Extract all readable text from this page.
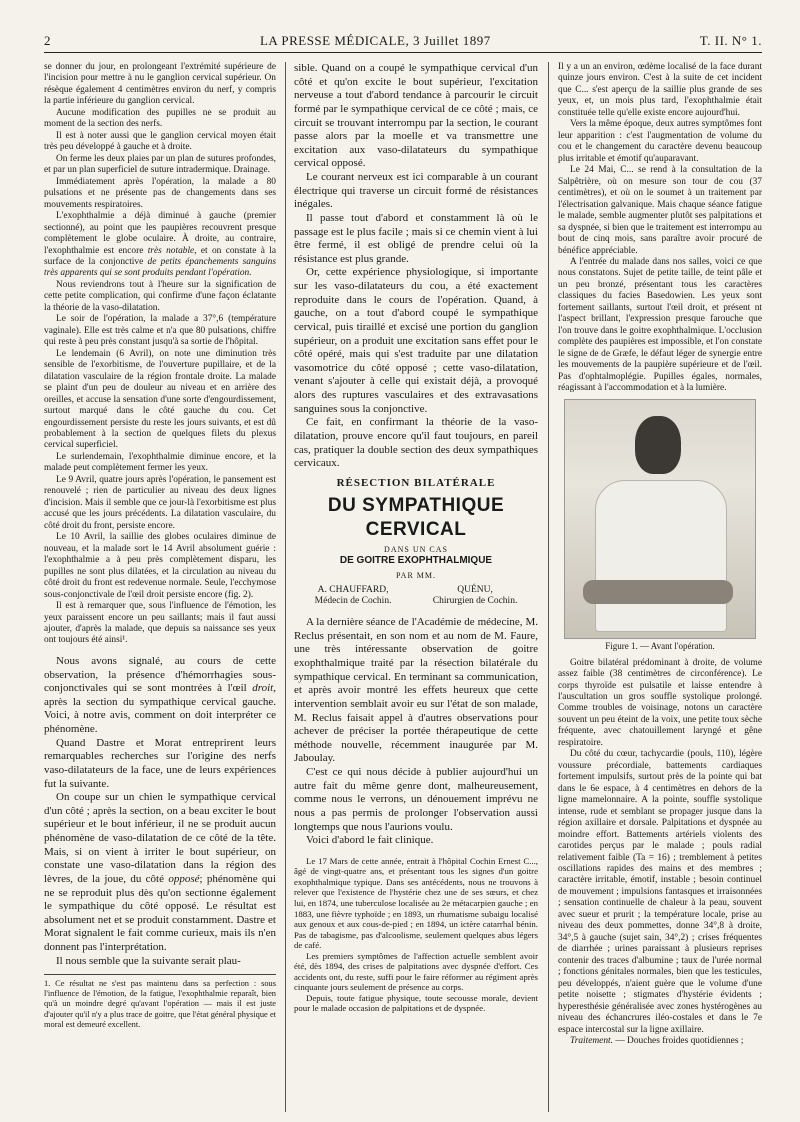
2	LA PRESSE MÉDICALE, 3 Juillet 1897	T. II. N° 1.

se donner du jour, en prolongeant l'extrémité supérieure de l'incision pour mettre à nu le ganglion cervical supérieur. On résèque également 4 centimètres environ du nerf, y compris la partie inférieure du ganglion cervical.

Aucune modification des pupilles ne se produit au moment de la section des nerfs.

Il est à noter aussi que le ganglion cervical moyen était très peu développé à gauche et à droite.

On ferme les deux plaies par un plan de sutures profondes, et par un plan superficiel de suture intradermique. Drainage.

Immédiatement après l'opération, la malade a 80 pulsations et ne présente pas de changements dans ses mouvements respiratoires.

L'exophthalmie a déjà diminué à gauche (premier sectionné), au point que les paupières recouvrent presque complètement le globe oculaire. À droite, au contraire, l'exophthalmie est encore très notable, et on constate à la surface de la conjonctive de petits épanchements sanguins très apparents qui se sont produits pendant l'opération.

Nous reviendrons tout à l'heure sur la signification de cette petite complication, qui confirme d'une façon éclatante la théorie de la vaso-dilatation.

Le soir de l'opération, la malade a 37°,6 (température vaginale). Elle est très calme et n'a que 80 pulsations, chiffre qui reste à peu près constant jusqu'à sa sortie de l'hôpital.

Le lendemain (6 Avril), on note une diminution très sensible de l'exorbitisme, de l'ouverture pupillaire, et de la dilatation vasculaire de la région frontale droite. La malade se plaint d'un peu de douleur au niveau et en arrière des oreilles, et accuse la sensation d'une sorte d'engourdissement, surtout marqué dans le côté gauche du cou. Cet engourdissement persiste du reste les jours suivants, et est dû probablement à la section de quelques filets du plexus cervical superficiel.

Le surlendemain, l'exophthalmie diminue encore, et la malade peut complètement fermer les yeux.

Le 9 Avril, quatre jours après l'opération, le pansement est renouvelé ; rien de particulier au niveau des deux lignes d'incision. Mais il semble que ce jour-là l'exorbitisme est plus accusé que les jours précédents. La dilatation vasculaire, du côté droit du front, persiste encore.

Le 10 Avril, la saillie des globes oculaires diminue de nouveau, et la malade sort le 14 Avril absolument guérie : l'exophthalmie a à peu près complètement disparu, les pupilles ne sont plus dilatées, et la circulation au niveau du côté droit du front est redevenue normale. Seule, l'ecchymose sous-conjonctivale de l'œil droit persiste encore (fig. 2).

Il est à remarquer que, sous l'influence de l'émotion, les yeux paraissent encore un peu saillants; mais il faut aussi ajouter, d'après la malade, que depuis sa naissance ses yeux ont toujours été ainsi¹.

Nous avons signalé, au cours de cette observation, la présence d'hémorrhagies sous-conjonctivales qui se sont montrées à l'œil droit, après la section du sympathique cervical gauche. Voici, à notre avis, comment on doit interpréter ce phénomène.

Quand Dastre et Morat entreprirent leurs remarquables recherches sur l'origine des nerfs vaso-dilatateurs de la face, une de leurs expériences fut la suivante.

On coupe sur un chien le sympathique cervical d'un côté ; après la section, on a beau exciter le bout supérieur et le bout inférieur, il ne se produit aucun phénomène de vaso-dilatation de ce côté de la tête. Mais, si on vient à irriter le bout supérieur, on constate une vaso-dilatation dans la région des lèvres, de la joue, du côté opposé; phénomène qui ne se reproduit plus dès qu'on sectionne également le sympathique du côté opposé. Le résultat est absolument net et se produit constamment. Dastre et Morat signalent le fait comme curieux, mais ils n'en donnent pas l'interprétation.

Il nous semble que la suivante serait plau-

1. Ce résultat ne s'est pas maintenu dans sa perfection : sous l'influence de l'émotion, de la fatigue, l'exophthalmie reparaît, bien qu'à un moindre degré qu'avant l'opération — mais il est juste d'ajouter qu'il n'y a plus trace de goitre, que l'état général physique et moral est demeuré excellent.

sible. Quand on a coupé le sympathique cervical d'un côté et qu'on excite le bout supérieur, l'excitation nerveuse a tout d'abord tendance à parcourir le circuit formé par le sympathique cervical de ce côté ; mais, ce circuit se trouvant interrompu par la section, le courant passe alors par la moelle et va transmettre une excitation aux vaso-dilatateurs du sympathique cervical opposé.

Le courant nerveux est ici comparable à un courant électrique qui traverse un circuit formé de résistances inégales.

Il passe tout d'abord et constamment là où le passage est le plus facile ; mais si ce chemin vient à lui être fermé, il est obligé de prendre celui où la résistance est plus grande.

Or, cette expérience physiologique, si importante sur les vaso-dilatateurs du cou, a été exactement reproduite dans le cours de l'opération. Quand, à gauche, on a tout d'abord coupé le sympathique cervical, puis tiraillé et excisé une portion du ganglion supérieur, on a produit une excitation sans effet pour le côté opéré, mais qui s'est traduite par une dilatation vasomotrice du côté opposé ; cette vaso-dilatation, venant s'ajouter à celle qui existait déjà, a provoqué alors des ruptures vasculaires et des extravasations sanguines sous la conjonctive.

Ce fait, en confirmant la théorie de la vaso-dilatation, prouve encore qu'il faut toujours, en pareil cas, pratiquer la double section des deux sympathiques cervicaux.

RÉSECTION BILATÉRALE
DU SYMPATHIQUE CERVICAL
DANS UN CAS
DE GOITRE EXOPHTHALMIQUE
PAR MM.
A. CHAUFFARD,
Médecin de Cochin.
QUÉNU,
Chirurgien de Cochin.

A la dernière séance de l'Académie de médecine, M. Reclus présentait, en son nom et au nom de M. Faure, une très intéressante observation de goitre exophthalmique traité par la résection bilatérale du sympathique cervical. En terminant sa communication, et après avoir montré les effets heureux que cette intervention semblait avoir eu sur l'état de son malade, M. Reclus faisait appel à d'autres observations pour achever de préciser la portée thérapeutique de cette méthode nouvelle, récemment inaugurée par M. Jaboulay.

C'est ce qui nous décide à publier aujourd'hui un autre fait du même genre dont, malheureusement, comme nous le verrons, un dénouement imprévu ne nous a pas permis de prolonger l'observation aussi longtemps que nous l'aurions voulu.

Voici d'abord le fait clinique.

Le 17 Mars de cette année, entrait à l'hôpital Cochin Ernest C..., âgé de vingt-quatre ans, et présentant tous les signes d'un goitre exophthalmique typique. Dans ses antécédents, nous ne trouvons à relever que l'existence de l'hystérie chez une de ses sœurs, et chez lui, en 1874, une tuberculose localisée au 2e métacarpien gauche ; en 1883, une fièvre typhoïde ; en 1893, un rhumatisme subaigu localisé aux genoux et aux cous-de-pied ; en 1894, un ictère catarrhal bénin. Pas de tabagisme, pas d'alcoolisme, seulement quelques abus légers de café.

Les premiers symptômes de l'affection actuelle semblent avoir été, dès 1894, des crises de palpitations avec dyspnée d'effort. Ces accidents ont, du reste, suffi pour le faire réformer au régiment après cinquante jours seulement de présence au corps.

Depuis, toute fatigue physique, toute secousse morale, devient pour le malade occasion de palpitations et de dyspnée.

Il y a un an environ, œdème localisé de la face durant quinze jours environ. C'est à la suite de cet incident que C... s'est aperçu de la saillie plus grande de ses yeux, et, un mois plus tard, l'exophthalmie était constituée telle qu'elle existe encore aujourd'hui.

Vers la même époque, deux autres symptômes font leur apparition : c'est l'augmentation de volume du cou et le changement du caractère devenu beaucoup plus irritable et émotif qu'auparavant.

Le 24 Mai, C... se rend à la consultation de la Salpêtrière, où on mesure son tour de cou (37 centimètres), et où on le soumet à un traitement par l'électrisation galvanique. Mais chaque séance fatigue le malade, semble augmenter plutôt ses palpitations et sa dyspnée, si bien que le traitement est interrompu au bout de cinq mois, sans paraître avoir procuré de bénéfice appréciable.

A l'entrée du malade dans nos salles, voici ce que nous constatons. Sujet de petite taille, de teint pâle et un peu bronzé, présentant tous les caractères classiques du facies Basedowien. Les yeux sont fortement saillants, surtout l'œil droit, et présent nt l'aspect brillant, l'expression presque farouche que l'on trouve dans le goitre exophthalmique. L'occlusion complète des paupières est impossible, et l'on constate le signe de de Græfe, le défaut léger de synergie entre les mouvements de la paupière supérieure et de l'œil. Pas d'ophtalmoplégie. Pupilles égales, normales, réagissant à l'accommodation et à la lumière.

Figure 1. — Avant l'opération.

Goitre bilatéral prédominant à droite, de volume assez faible (38 centimètres de circonférence). Le corps thyroïde est pulsatile et laisse entendre à l'auscultation un gros souffle systolique prolongé. Comme troubles de voisinage, notons un caractère souvent un peu éteint de la voix, une petite toux sèche fréquente, avec chatouillement laryngé et gêne respiratoire.

Du côté du cœur, tachycardie (pouls, 110), légère voussure précordiale, battements cardiaques fortement impulsifs, surtout près de la pointe qui bat dans le 6e espace, à 4 centimètres en dehors de la ligne mamelonnaire. A la pointe, souffle systolique intense, rude et semblant se propager jusque dans la région axillaire et dorsale. Palpitations et dyspnée au moindre effort. Battements artériels violents des carotides perçus par le malade ; pouls radial relativement faible (Ta = 16) ; tremblement à petites oscillations rapides des mains et des membres ; caractère irritable, émotif, instable ; besoin continuel de mouvement ; impulsions fantasques et irraisonnées ; sensation continuelle de chaleur à la peau, souvent avec sueur et prurit ; la température locale, prise au niveau des deux pommettes, donne 34°,8 à droite, 34°,5 à gauche (sujet sain, 34°,2) ; crises fréquentes de diarrhée ; urines paraissant à plusieurs reprises contenir des traces d'albumine ; taux de l'urée normal ; fonctions génitales normales, bien que les testicules, peu développés, n'aient guère que le volume d'une petite noisette ; stigmates d'hystérie évidents ; hyperesthésie généralisée avec zones hystérogènes au niveau des échancrures iléo-costales et dans le 7e espace intercostal sur la ligne axillaire.

Traitement. — Douches froides quotidiennes ;
